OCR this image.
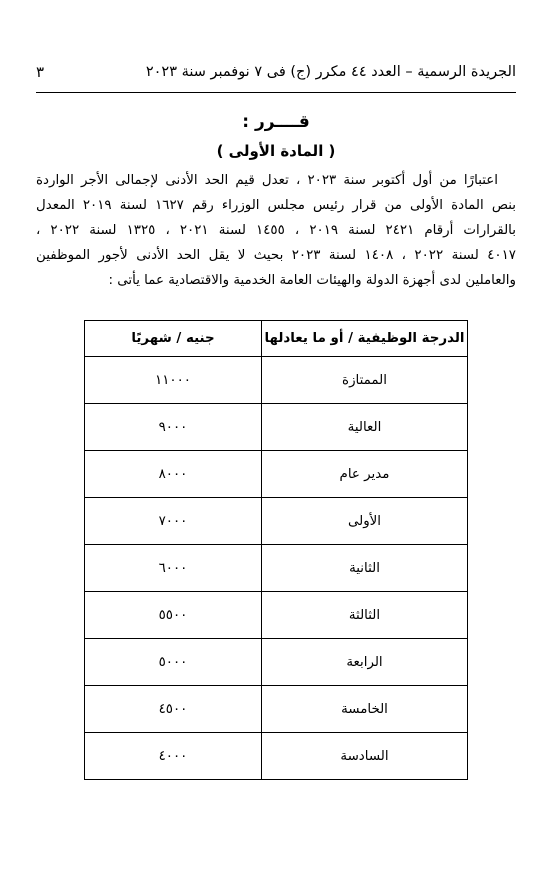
الجريدة الرسمية – العدد ٤٤ مكرر (ج) فى ٧ نوفمبر سنة ٢٠٢٣
٣
قــــرر :
( المادة الأولى )
اعتبارًا من أول أكتوبر سنة ٢٠٢٣ ، تعدل قيم الحد الأدنى لإجمالى الأجر الواردة
بنص المادة الأولى من قرار رئيس مجلس الوزراء رقم ١٦٢٧ لسنة ٢٠١٩ المعدل
بالقرارات أرقام ٢٤٢١ لسنة ٢٠١٩ ، ١٤٥٥ لسنة ٢٠٢١ ، ١٣٢٥ لسنة ٢٠٢٢ ،
٤٠١٧ لسنة ٢٠٢٢ ، ١٤٠٨ لسنة ٢٠٢٣ بحيث لا يقل الحد الأدنى لأجور الموظفين
والعاملين لدى أجهزة الدولة والهيئات العامة الخدمية والاقتصادية عما يأتى :
الدرجة الوظيفية / أو ما يعادلها	جنيه / شهريًا
الممتازة	١١٠٠٠
العالية	٩٠٠٠
مدير عام	٨٠٠٠
الأولى	٧٠٠٠
الثانية	٦٠٠٠
الثالثة	٥٥٠٠
الرابعة	٥٠٠٠
الخامسة	٤٥٠٠
السادسة	٤٠٠٠
